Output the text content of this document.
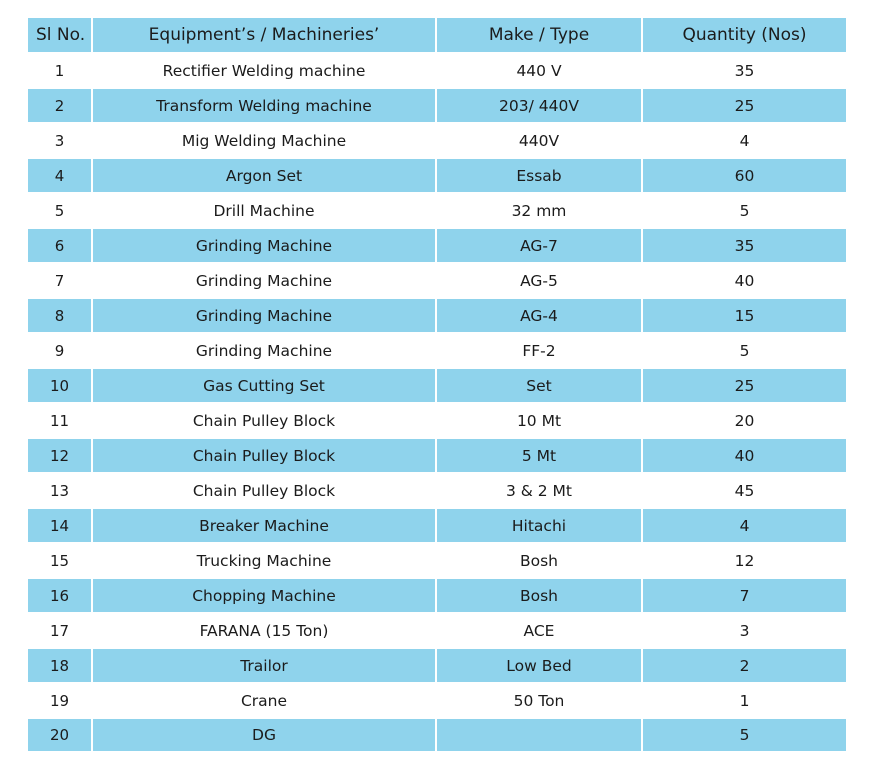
Sl No.	Equipment’s / Machineries’	Make / Type	Quantity (Nos)
1	Rectifier Welding machine	440 V	35
2	Transform Welding machine	203/ 440V	25
3	Mig Welding Machine	440V	4
4	Argon Set	Essab	60
5	Drill Machine	32 mm	5
6	Grinding Machine	AG-7	35
7	Grinding Machine	AG-5	40
8	Grinding Machine	AG-4	15
9	Grinding Machine	FF-2	5
10	Gas Cutting Set	Set	25
11	Chain Pulley Block	10 Mt	20
12	Chain Pulley Block	5 Mt	40
13	Chain Pulley Block	3 & 2 Mt	45
14	Breaker Machine	Hitachi	4
15	Trucking Machine	Bosh	12
16	Chopping Machine	Bosh	7
17	FARANA (15 Ton)	ACE	3
18	Trailor	Low Bed	2
19	Crane	50 Ton	1
20	DG		5
